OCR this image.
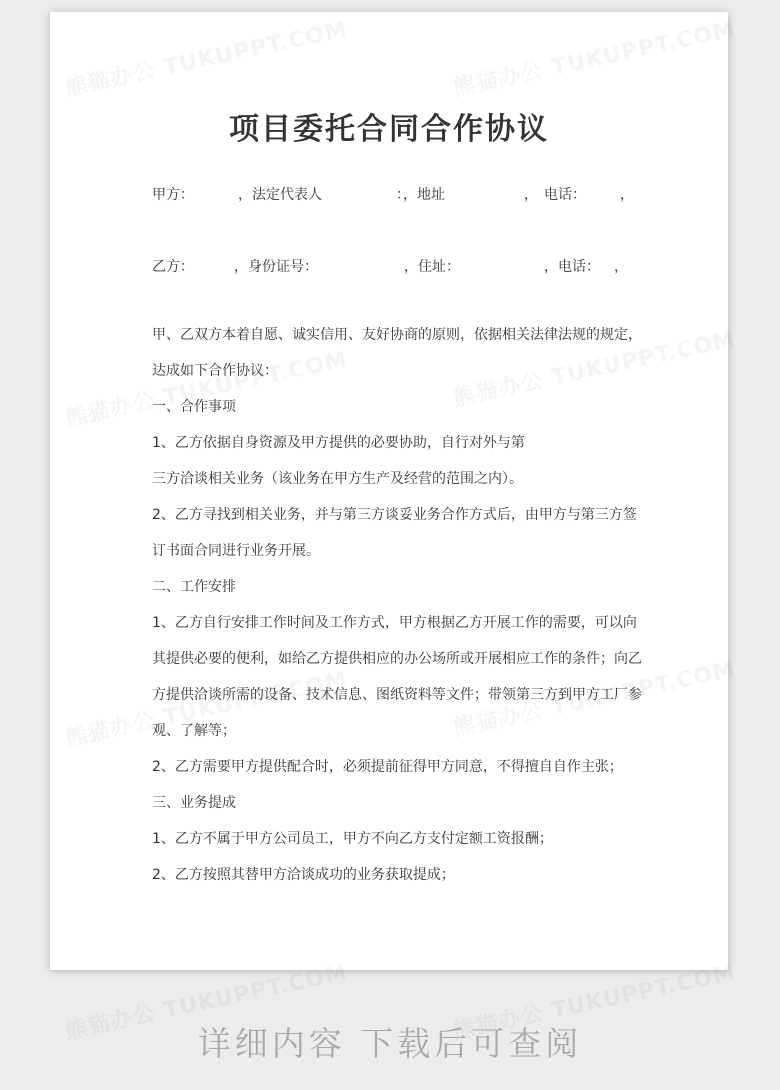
项目委托合同合作协议
甲方：	，法定代表人	：，地址	， 电话： ，
乙方：	，身份证号：	，住址：	，电话： ，
甲、乙双方本着自愿、诚实信用、友好协商的原则，依据相关法律法规的规定，
达成如下合作协议：
一、合作事项
1、乙方依据自身资源及甲方提供的必要协助，自行对外与第
三方洽谈相关业务（该业务在甲方生产及经营的范围之内）。
2、乙方寻找到相关业务，并与第三方谈妥业务合作方式后，由甲方与第三方签
订书面合同进行业务开展。
二、工作安排
1、乙方自行安排工作时间及工作方式，甲方根据乙方开展工作的需要，可以向
其提供必要的便利，如给乙方提供相应的办公场所或开展相应工作的条件；向乙
方提供洽谈所需的设备、技术信息、图纸资料等文件；带领第三方到甲方工厂参
观、了解等；
2、乙方需要甲方提供配合时，必须提前征得甲方同意，不得擅自自作主张；
三、业务提成
1、乙方不属于甲方公司员工，甲方不向乙方支付定额工资报酬；
2、乙方按照其替甲方洽谈成功的业务获取提成；
详细内容 下载后可查阅
